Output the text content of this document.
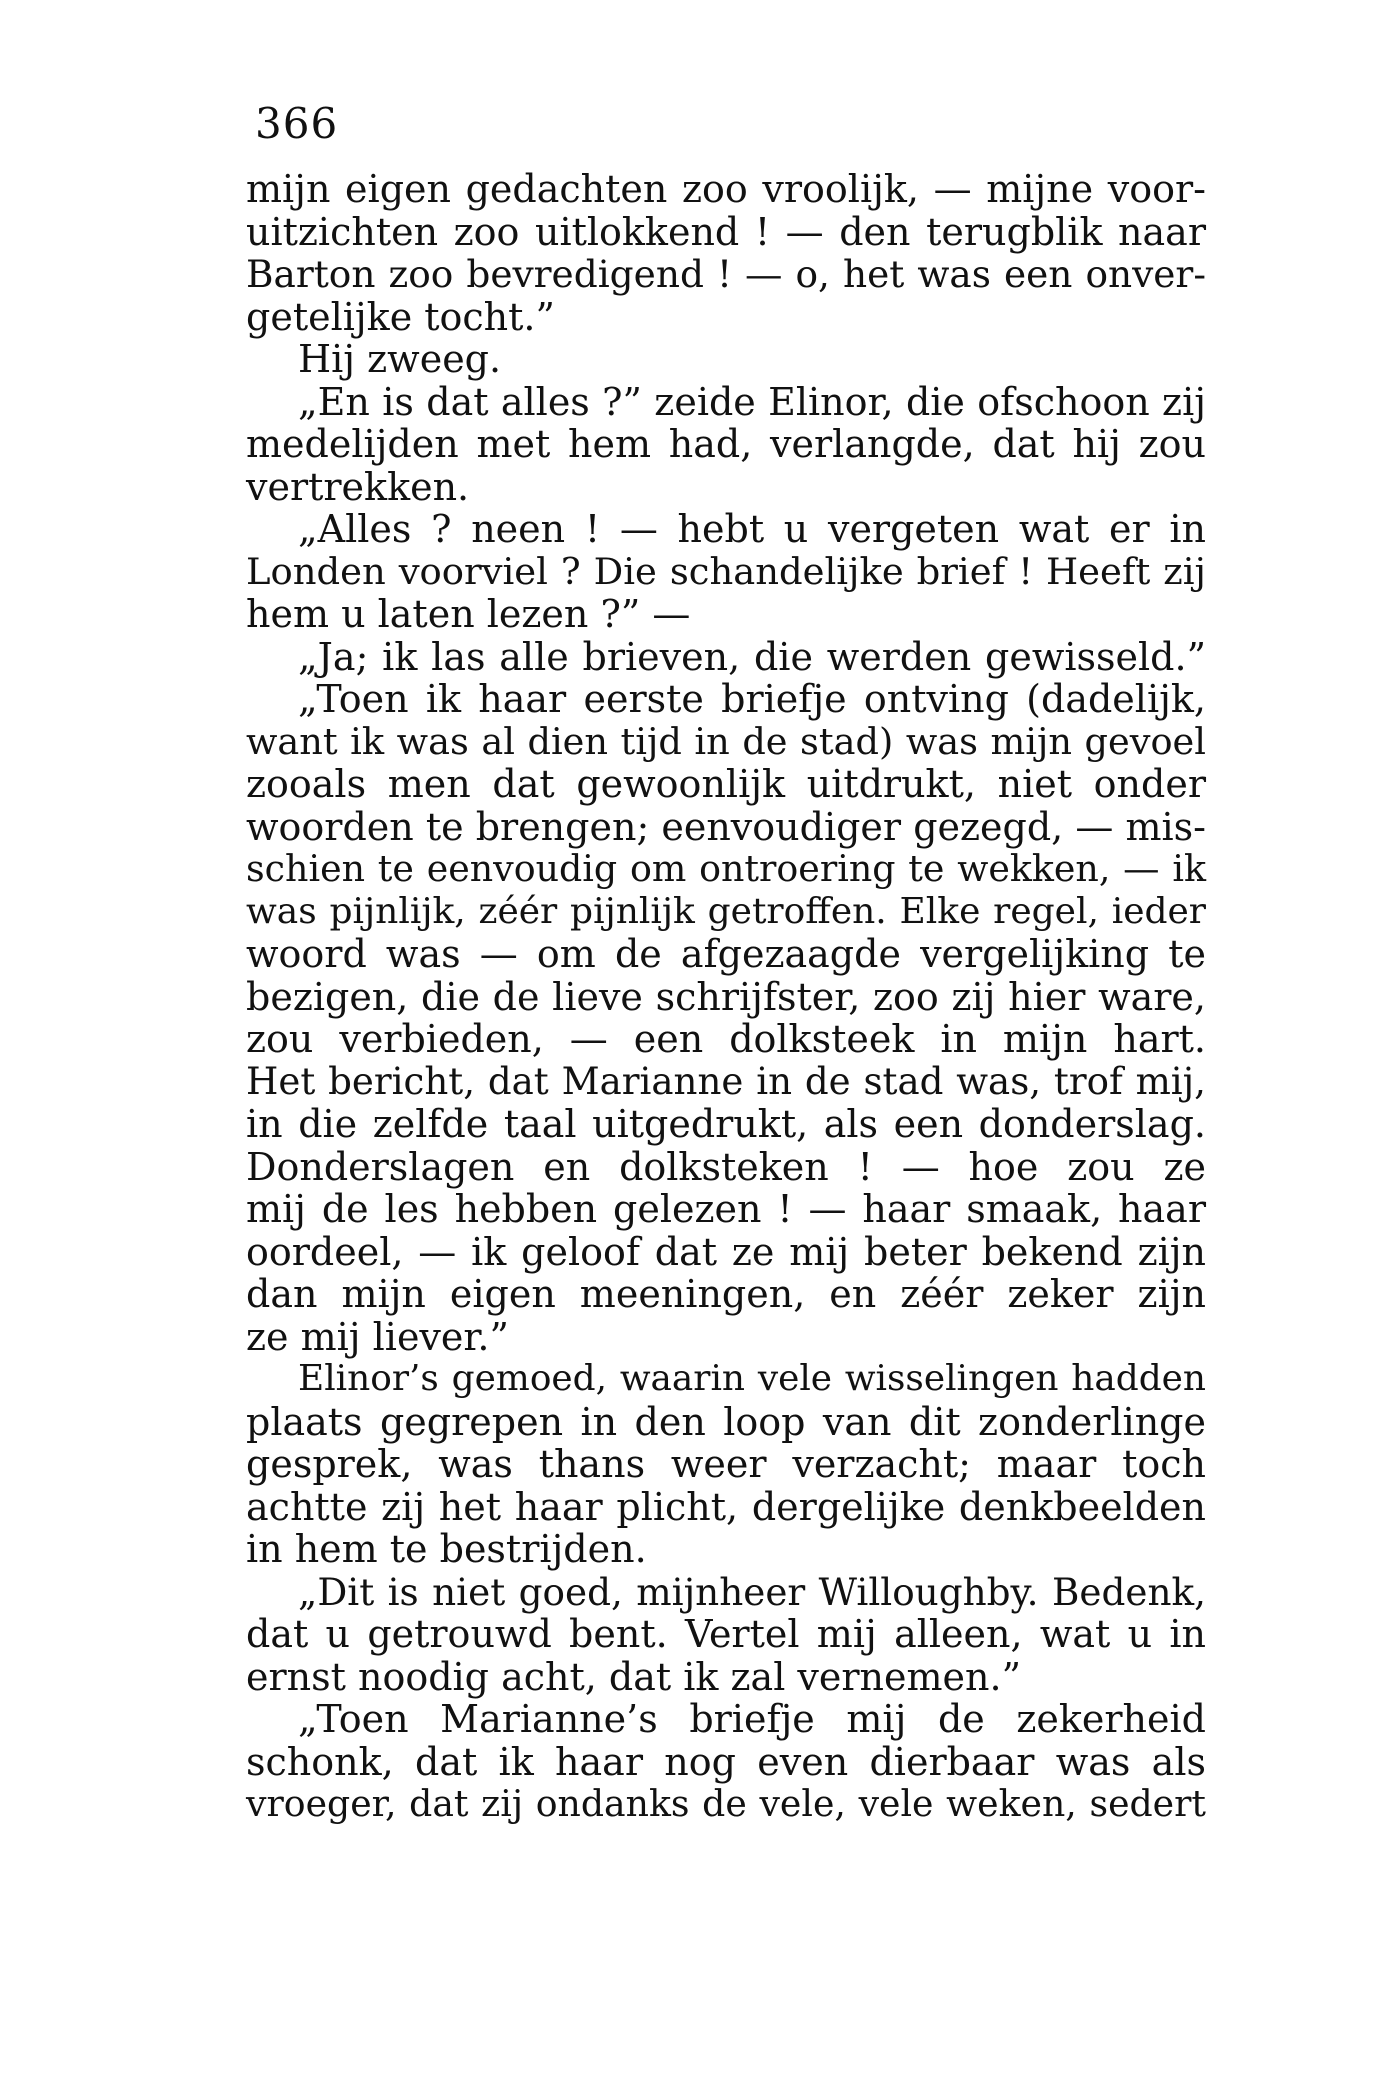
366
mijn eigen gedachten zoo vroolijk, — mijne voor-
uitzichten zoo uitlokkend ! — den terugblik naar
Barton zoo bevredigend ! — o, het was een onver-
getelijke tocht.”
Hij zweeg.
„En is dat alles ?” zeide Elinor, die ofschoon zij
medelijden met hem had, verlangde, dat hij zou
vertrekken.
„Alles ? neen ! — hebt u vergeten wat er in
Londen voorviel ? Die schandelijke brief ! Heeft zij
hem u laten lezen ?” —
„Ja; ik las alle brieven, die werden gewisseld.”
„Toen ik haar eerste briefje ontving (dadelijk,
want ik was al dien tijd in de stad) was mijn gevoel
zooals men dat gewoonlijk uitdrukt, niet onder
woorden te brengen; eenvoudiger gezegd, — mis-
schien te eenvoudig om ontroering te wekken, — ik
was pijnlijk, zéér pijnlijk getroffen. Elke regel, ieder
woord was — om de afgezaagde vergelijking te
bezigen, die de lieve schrijfster, zoo zij hier ware,
zou verbieden, — een dolksteek in mijn hart.
Het bericht, dat Marianne in de stad was, trof mij,
in die zelfde taal uitgedrukt, als een donderslag.
Donderslagen en dolksteken ! — hoe zou ze
mij de les hebben gelezen ! — haar smaak, haar
oordeel, — ik geloof dat ze mij beter bekend zijn
dan mijn eigen meeningen, en zéér zeker zijn
ze mij liever.”
Elinor’s gemoed, waarin vele wisselingen hadden
plaats gegrepen in den loop van dit zonderlinge
gesprek, was thans weer verzacht; maar toch
achtte zij het haar plicht, dergelijke denkbeelden
in hem te bestrijden.
„Dit is niet goed, mijnheer Willoughby. Bedenk,
dat u getrouwd bent. Vertel mij alleen, wat u in
ernst noodig acht, dat ik zal vernemen.”
„Toen Marianne’s briefje mij de zekerheid
schonk, dat ik haar nog even dierbaar was als
vroeger, dat zij ondanks de vele, vele weken, sedert
